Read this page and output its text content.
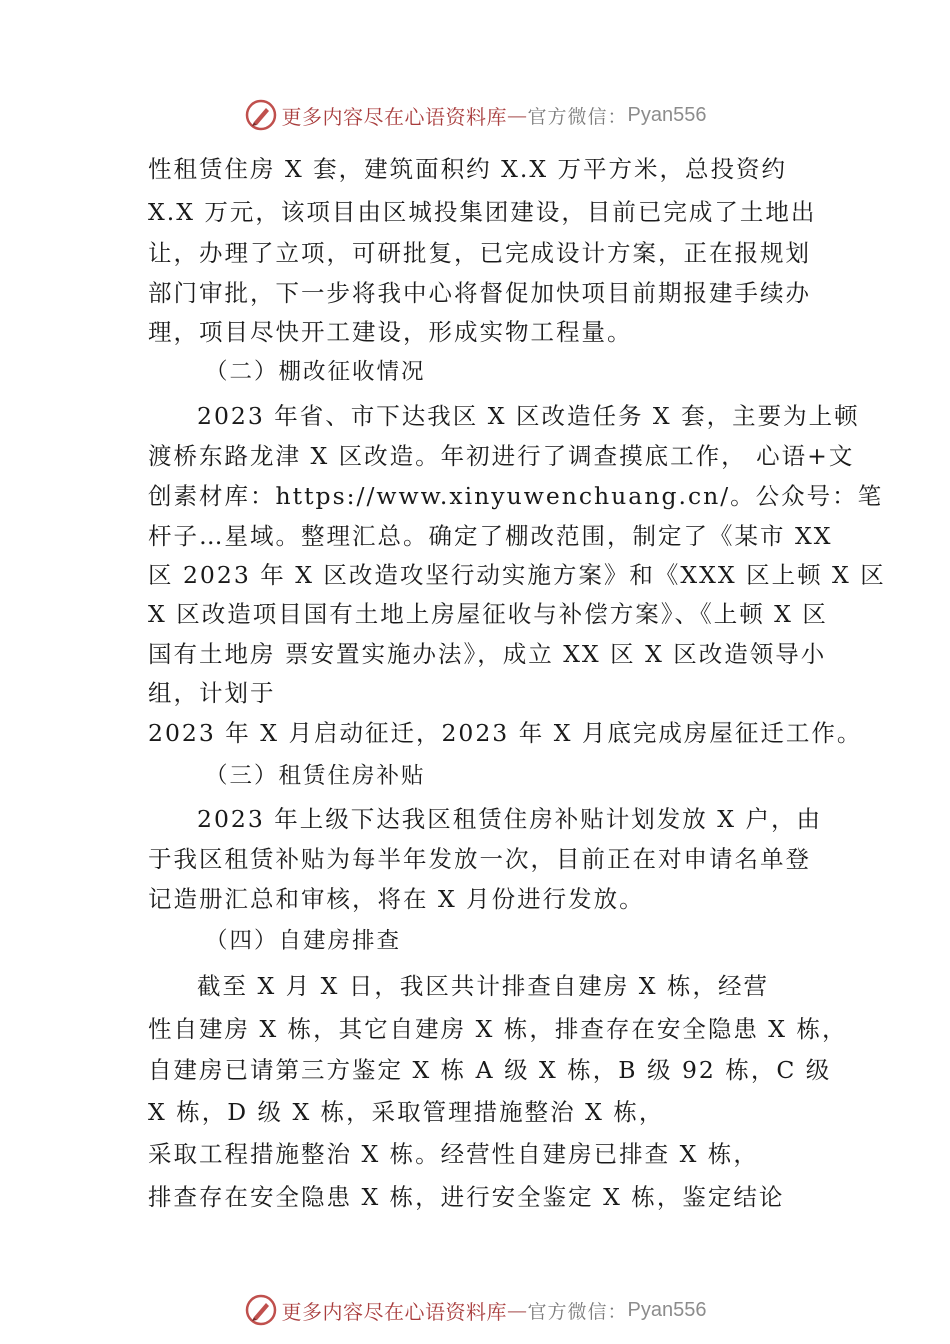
更多内容尽在心语资料库 — 官方微信： Pyan556
性租赁住房 X 套，建筑面积约 X.X 万平方米，总投资约
X.X 万元，该项目由区城投集团建设，目前已完成了土地出
让，办理了立项，可研批复，已完成设计方案，正在报规划
部门审批，下一步将我中心将督促加快项目前期报建手续办
理，项目尽快开工建设，形成实物工程量。
（二）棚改征收情况
2023 年省、市下达我区 X 区改造任务 X 套，主要为上顿
渡桥东路龙津 X 区改造。年初进行了调查摸底工作， 心语+文
创素材库：https://www.xinyuwenchuang.cn/。公众号：笔
杆子…星域。整理汇总。确定了棚改范围，制定了《某市 XX
区 2023 年 X 区改造攻坚行动实施方案》和《XXX 区上顿 X 区
X 区改造项目国有土地上房屋征收与补偿方案》、《上顿 X 区
国有土地房 票安置实施办法》，成立 XX 区 X 区改造领导小
组，计划于
2023 年 X 月启动征迁，2023 年 X 月底完成房屋征迁工作。
（三）租赁住房补贴
2023 年上级下达我区租赁住房补贴计划发放 X 户，由
于我区租赁补贴为每半年发放一次，目前正在对申请名单登
记造册汇总和审核，将在 X 月份进行发放。
（四）自建房排查
截至 X 月 X 日，我区共计排查自建房 X 栋，经营
性自建房 X 栋，其它自建房 X 栋，排查存在安全隐患 X 栋，
自建房已请第三方鉴定 X 栋 A 级 X 栋，B 级 92 栋，C 级
X 栋，D 级 X 栋，采取管理措施整治 X 栋，
采取工程措施整治 X 栋。经营性自建房已排查 X 栋，
排查存在安全隐患 X 栋，进行安全鉴定 X 栋，鉴定结论
更多内容尽在心语资料库 — 官方微信： Pyan556
